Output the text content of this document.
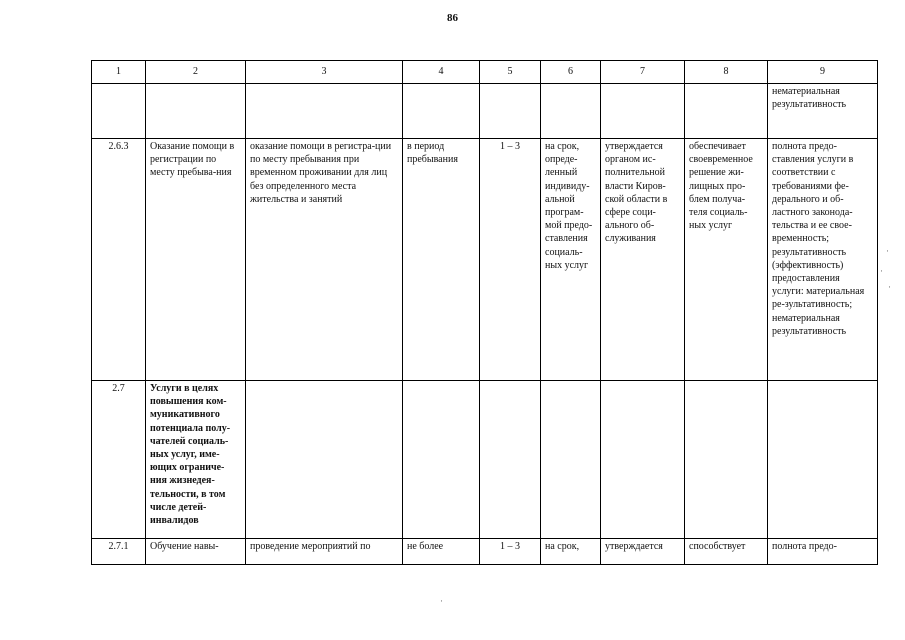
86
1	2	3	4	5	6	7	8	9
								нематериальная результативность
2.6.3	Оказание помощи в регистрации по месту пребыва-ния	оказание помощи в регистра-ции по месту пребывания при временном проживании для лиц без определенного места жительства и занятий	в период пребывания	1 – 3	на срок, опреде-ленный индивиду-альной програм-мой предо-ставления социаль-ных услуг	утверждается органом ис-полнительной власти Киров-ской области в сфере соци-ального об-служивания	обеспечивает своевременное решение жи-лищных про-блем получа-теля социаль-ных услуг	полнота предо-ставления услуги в соответствии с требованиями фе-дерального и об-ластного законода-тельства и ее свое-временность; результативность (эффективность) предоставления услуги: материальная ре-зультативность; нематериальная результативность
2.7	Услуги в целях повышения ком-муникативного потенциала полу-чателей социаль-ных услуг, име-ющих ограниче-ния жизнедея-тельности, в том числе детей-инвалидов							
2.7.1	Обучение навы-	проведение мероприятий по	не более	1 – 3	на срок,	утверждается	способствует	полнота предо-
·
·
·
·
